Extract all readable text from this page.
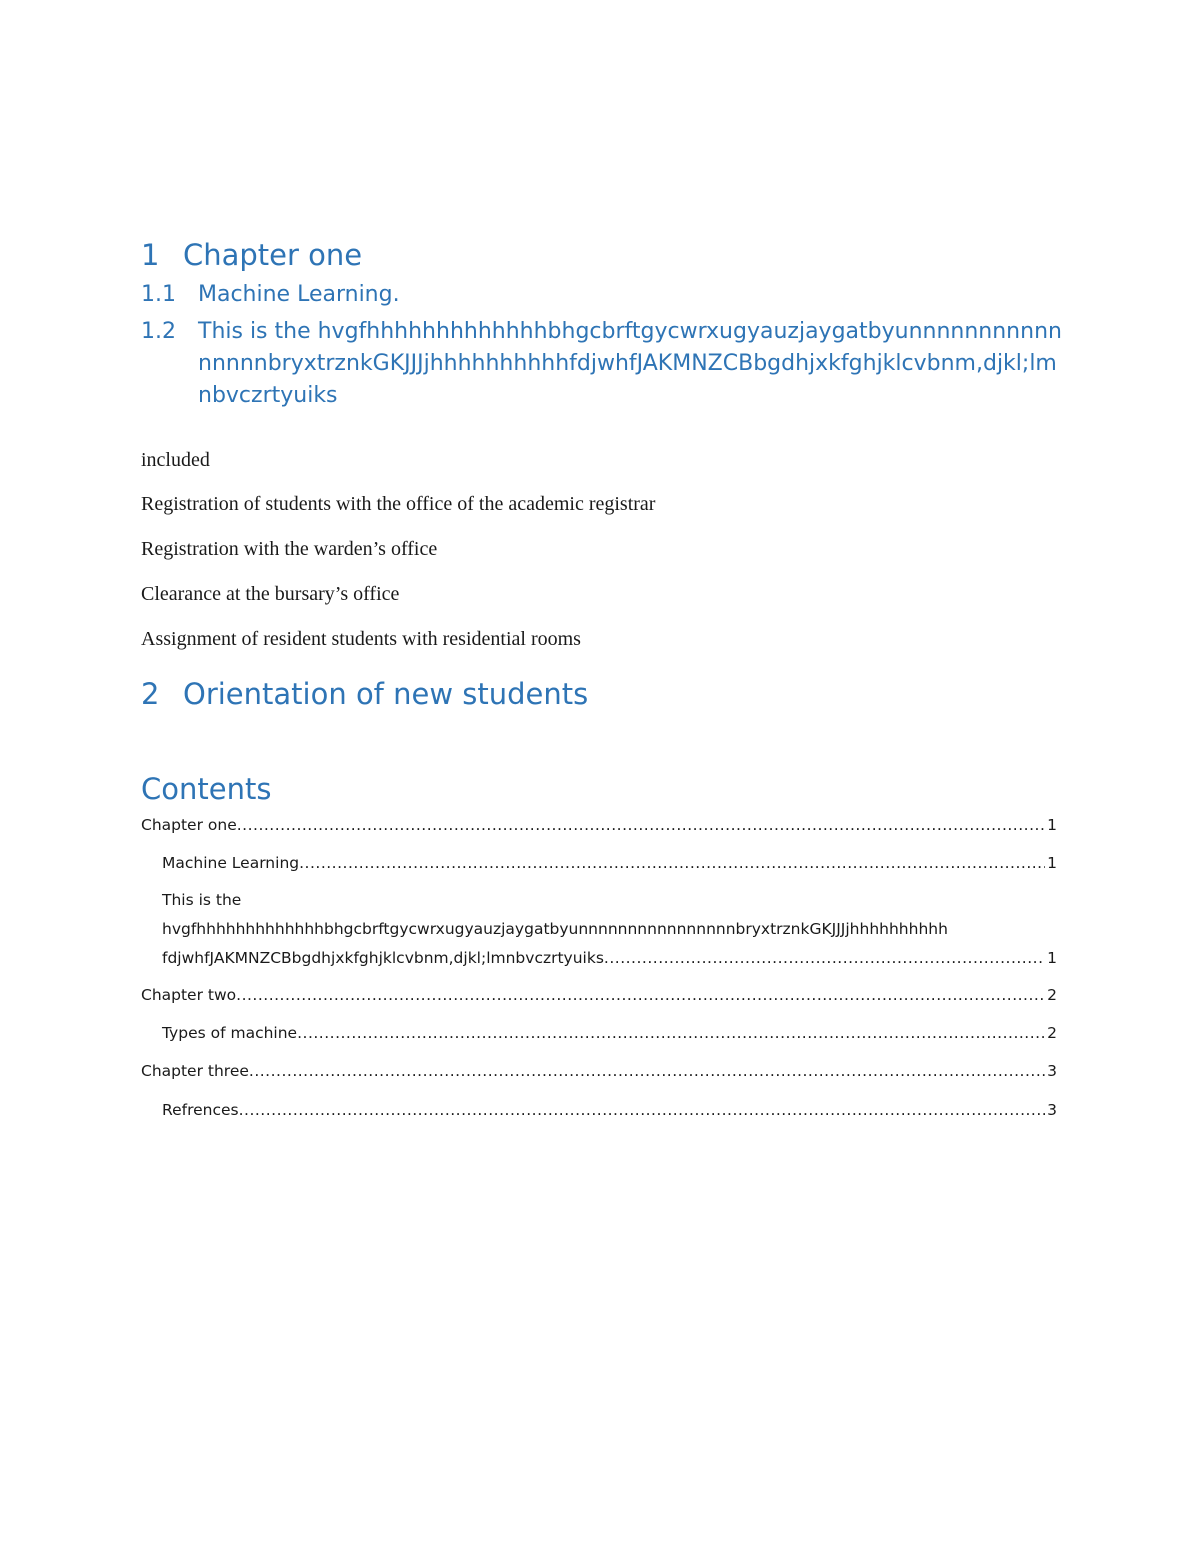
1 Chapter one
1.1 Machine Learning.
1.2 This is the hvgfhhhhhhhhhhhhhbhgcbrftgycwrxugyauzjaygatbyunnnnnnnnnnnnnnnnbryxtrznkGKJJJjhhhhhhhhhhfdjwhfJAKMNZCBbgdhjxkfghjklcvbnm,djkl;lmnbvczrtyuiks
included
Registration of students with the office of the academic registrar
Registration with the warden’s office
Clearance at the bursary’s office
Assignment of resident students with residential rooms
2 Orientation of new students
Contents
Chapter one .....	1
Machine Learning .....	1
This is the
hvgfhhhhhhhhhhhhhbhgcbrftgycwrxugyauzjaygatbyunnnnnnnnnnnnnnnnbryxtrznkGKJJJjhhhhhhhhhh
fdjwhfJAKMNZCBbgdhjxkfghjklcvbnm,djkl;lmnbvczrtyuiks .....	1
Chapter two .....	2
Types of machine .....	2
Chapter three .....	3
Refrences .....	3
